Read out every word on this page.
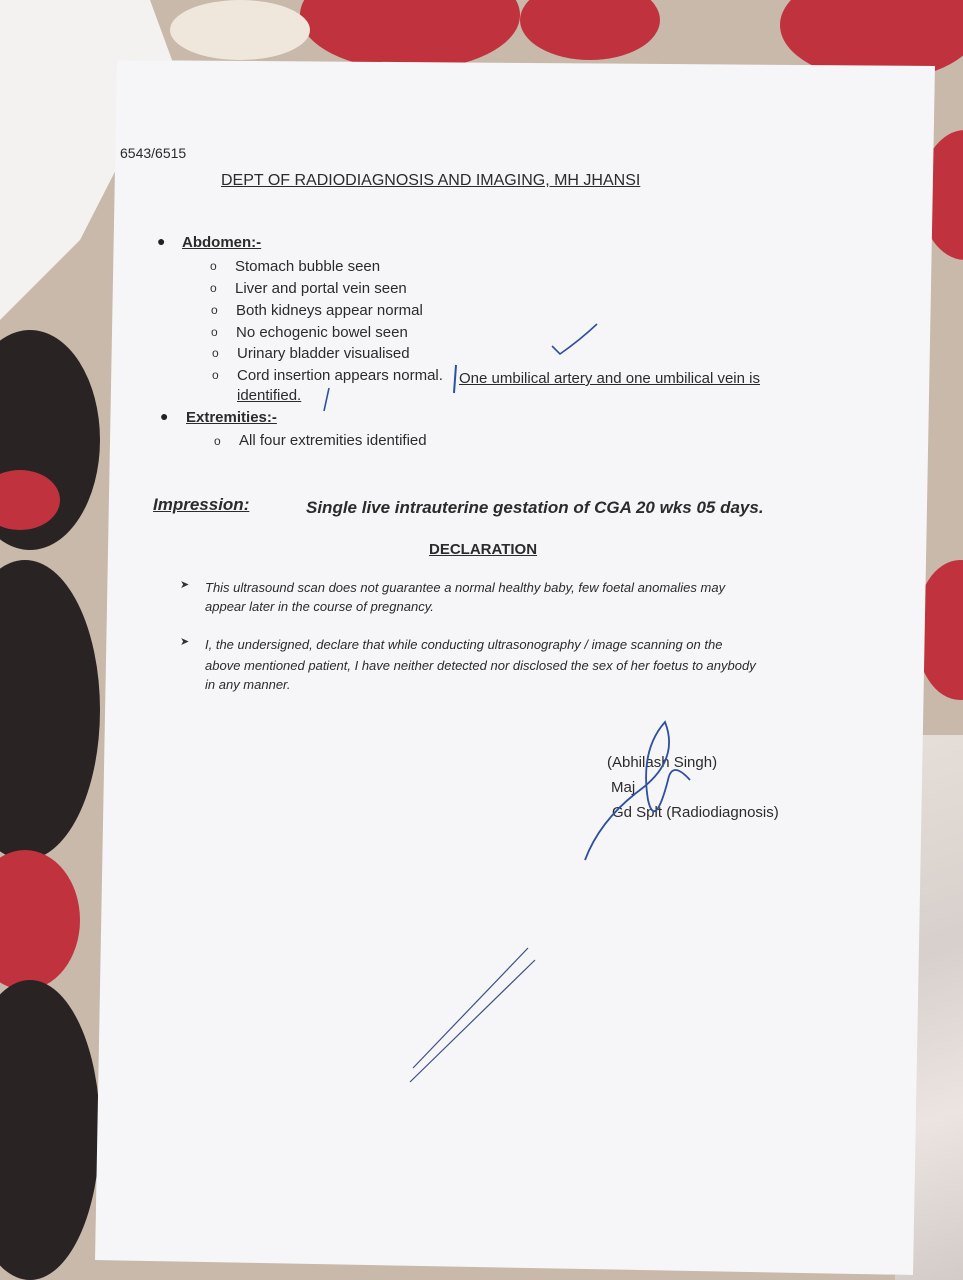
6543/6515
DEPT OF RADIODIAGNOSIS AND IMAGING, MH JHANSI
● Abdomen:-
o Stomach bubble seen
o Liver and portal vein seen
o Both kidneys appear normal
o No echogenic bowel seen
o Urinary bladder visualised
o Cord insertion appears normal. One umbilical artery and one umbilical vein is
identified.
● Extremities:-
o All four extremities identified
Impression:	Single live intrauterine gestation of CGA 20 wks 05 days.
DECLARATION
➤ This ultrasound scan does not guarantee a normal healthy baby, few foetal anomalies may
appear later in the course of pregnancy.
➤ I, the undersigned, declare that while conducting ultrasonography / image scanning on the
above mentioned patient, I have neither detected nor disclosed the sex of her foetus to anybody
in any manner.
(Abhilash Singh)
Maj
Gd Splt (Radiodiagnosis)
